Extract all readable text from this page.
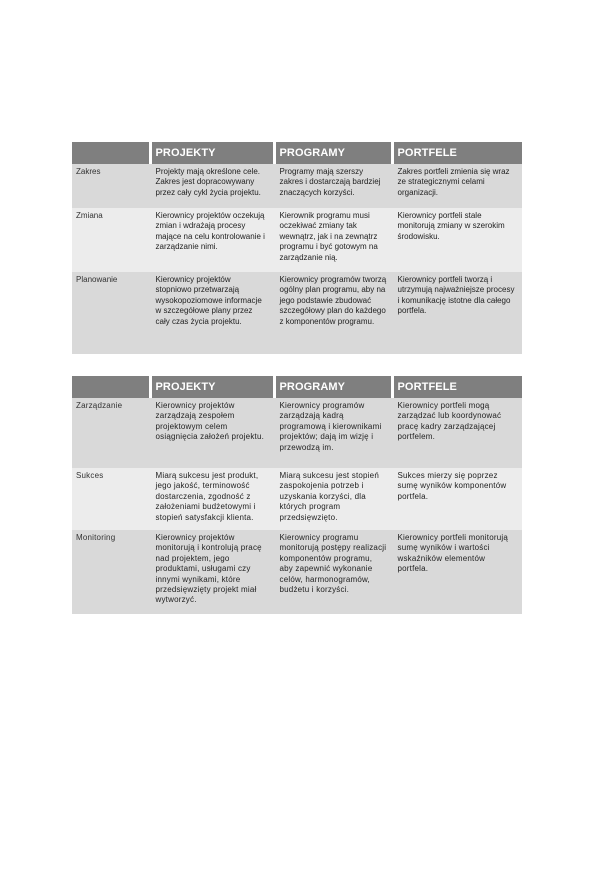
	PROJEKTY	PROGRAMY	PORTFELE
Zakres	Projekty mają określone cele. Zakres jest dopracowywany przez cały cykl życia projektu.	Programy mają szerszy zakres i dostarczają bardziej znaczących korzyści.	Zakres portfeli zmienia się wraz ze strategicznymi celami organizacji.
Zmiana	Kierownicy projektów oczekują zmian i wdrażają procesy mające na celu kontrolowanie i zarządzanie nimi.	Kierownik programu musi oczekiwać zmiany tak wewnątrz, jak i na zewnątrz programu i być gotowym na zarządzanie nią.	Kierownicy portfeli stale monitorują zmiany w szerokim środowisku.
Planowanie	Kierownicy projektów stopniowo przetwarzają wysokopoziomowe informacje w szczegółowe plany przez cały czas życia projektu.	Kierownicy programów tworzą ogólny plan programu, aby na jego podstawie zbudować szczegółowy plan do każdego z komponentów programu.	Kierownicy portfeli tworzą i utrzymują najważniejsze procesy i komunikację istotne dla całego portfela.
	PROJEKTY	PROGRAMY	PORTFELE
Zarządzanie	Kierownicy projektów zarządzają zespołem projektowym celem osiągnięcia założeń projektu.	Kierownicy programów zarządzają kadrą programową i kierownikami projektów; dają im wizję i przewodzą im.	Kierownicy portfeli mogą zarządzać lub koordynować pracę kadry zarządzającej portfelem.
Sukces	Miarą sukcesu jest produkt, jego jakość, terminowość dostarczenia, zgodność z założeniami budżetowymi i stopień satysfakcji klienta.	Miarą sukcesu jest stopień zaspokojenia potrzeb i uzyskania korzyści, dla których program przedsięwzięto.	Sukces mierzy się poprzez sumę wyników komponentów portfela.
Monitoring	Kierownicy projektów monitorują i kontrolują pracę nad projektem, jego produktami, usługami czy innymi wynikami, które przedsięwzięty projekt miał wytworzyć.	Kierownicy programu monitorują postępy realizacji komponentów programu, aby zapewnić wykonanie celów, harmonogramów, budżetu i korzyści.	Kierownicy portfeli monitorują sumę wyników i wartości wskaźników elementów portfela.
